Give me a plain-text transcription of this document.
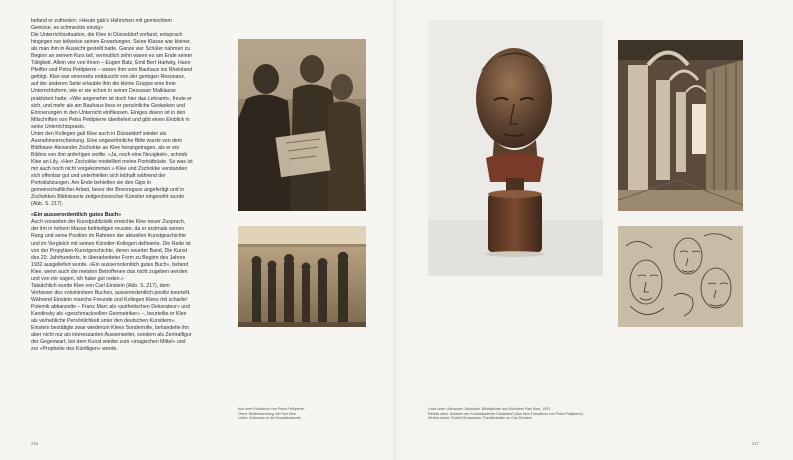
befand er zufrieden: «Heute gab's Hähnchen mit gemischtem Gemüse, es schmeckte einzig»

Die Unterrichtssituation, die Klee in Düsseldorf vorfand, entsprach hingegen nur teilweise seinen Erwartungen. Seine Klasse war kleiner, als man ihm in Aussicht gestellt hatte. Ganze vier Schüler nahmen zu Beginn an seinem Kurs teil, vermutlich zehn waren es am Ende seiner Tätigkeit. Allein vier von ihnen – Eugen Batz, Emil Bert Hartwig, Hann Pfeiffer und Petra Petitpierre – waren ihm vom Bauhaus ins Rheinland gefolgt. Klee war einerseits enttäuscht von der geringen Resonanz, auf der anderen Seite erlaubte ihm die kleine Gruppe eine freie Unterrichtsform, wie er sie schon in seiner Dessauer Malklasse praktiziert hatte. «Wie angenehm ist doch hier das Lehramt», freute er sich, und mehr als am Bauhaus liess er persönliche Gedanken und Erinnerungen in den Unterricht einfliessen. Einiges davon ist in den Mitschriften von Petra Petitpierre überliefert und gibt einen Einblick in seine Unterrichtspraxis.

Unter den Kollegen galt Klee auch in Düsseldorf wieder als Ausnahmeerscheinung. Eine ungewöhnliche Bitte wurde von dem Bildhauer Alexander Zschokke an Klee herangetragen, als er ein Bildnis von ihm anfertigen wollte. «Ja, noch eine Neuigkeit», schrieb Klee an Lily, «Herr Zschokke modelliert meine Porträtbüste. So was ist mir auch noch nicht vorgekommen.» Klee und Zschokke verstanden sich offenbar gut und unterhielten sich lebhaft während der Porträtsitzungen. Am Ende behielten sie den Gips in gemeinschaftlicher Arbeit, bevor der Bronzeguss angefertigt und in Zschokkes Bildnisserie zeitgenössischer Künstler eingereiht wurde (Abb. S. 217).

«Ein ausserordentlich gutes Buch»

Auch vonseiten der Kunstpublizistik erreichte Klee neuer Zuspruch, der ihn in hohem Masse befriedigen musste, da er erstmals seinen Rang und seine Position im Rahmen der aktuellen Kunstgeschichte und im Vergleich mit seinen Künstler-Kollegen definierte. Die Rede ist von der Propyläen-Kunstgeschichte, deren neunter Band, Die Kunst des 20. Jahrhunderts, in überarbeiteter Form zu Beginn des Jahres 1932 ausgeliefert wurde. «Ein ausserordentlich gutes Buch», befand Klee, wenn auch die meisten Betroffenen das nicht zugeben werden und von mir sagen, ich habe gut reden.»

Tatsächlich wurde Klee von Carl Einstein (Abb. S. 217), dem Verfasser des voluminösen Buches, ausserordentlich positiv beurteilt. Während Einstein manche Freunde und Kollegen Klees mit scharfer Polemik abkanzelte – Franz Marc als «pathetischen Dekorateur» und Kandinsky als «geschmackvollen Geometriker» –, beurteilte er Klee als verhebliche Persönlichkeit unter den deutschen Künstlern». Einstein bestätigte zwar wiederum Klees Sonderrolle, behandelte ihn aber nicht nur als interessanten Aussenseiter, sondern als Zentralfigur der Gegenwart, bei dem Kunst wieder zum «magischen Mittel» und zur «Prophetie des Künftigen» werde.

216
Aus dem Fotoalbum von Petra Petitpierre:
Oben: Bildbetrachtung mit Paul Klee
Unten: Exkursion in die Kunstakademie
Links oben: Alexander Zschokke, Bildnisbüste des Künstlers Paul Klee, 1931
Rechts oben: Arkaden der Kunstakademie Düsseldorf (Aus dem Fotoalbum von Petra Petitpierre)
Rechts unten: Rudolf Grossmann, Porträtstudien zu Carl Einstein
217
